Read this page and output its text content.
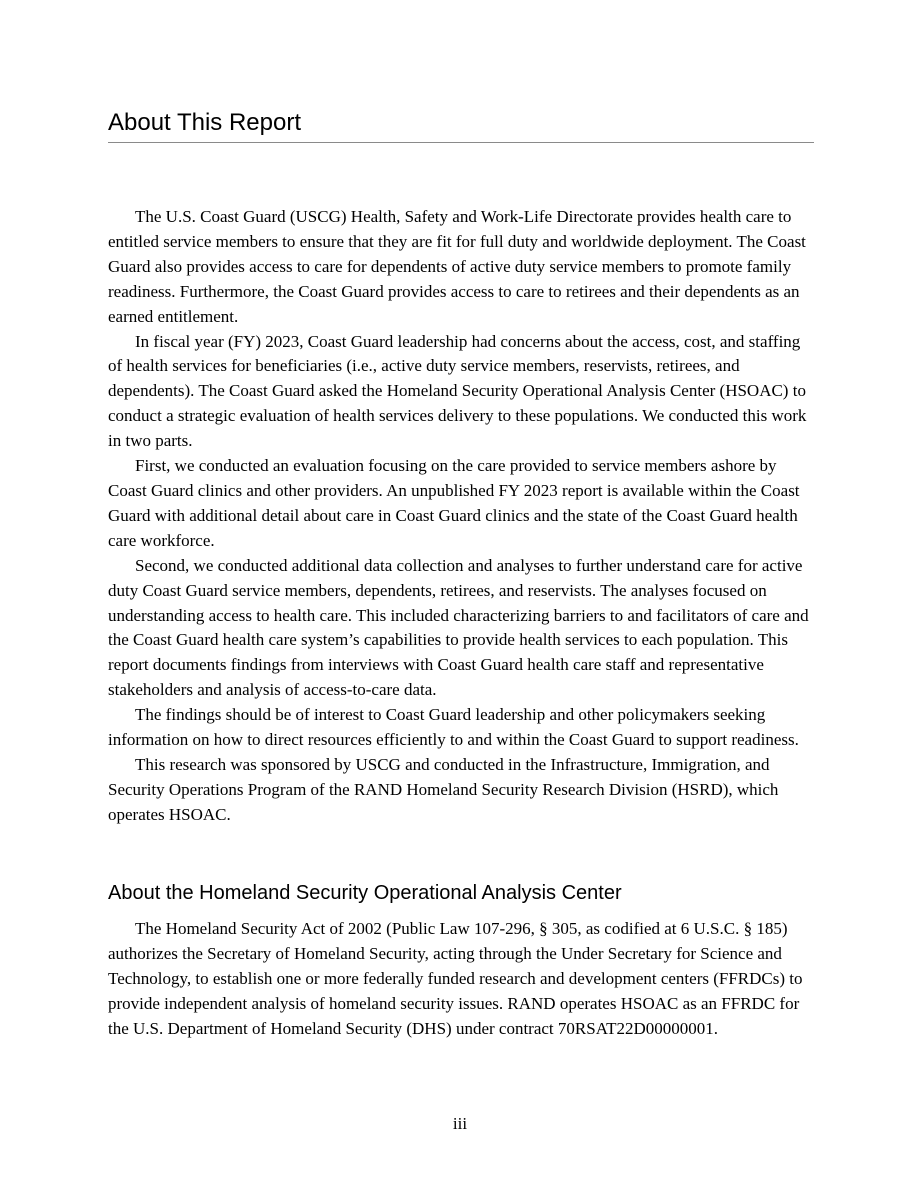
About This Report

The U.S. Coast Guard (USCG) Health, Safety and Work-Life Directorate provides health care to entitled service members to ensure that they are fit for full duty and worldwide deployment. The Coast Guard also provides access to care for dependents of active duty service members to promote family readiness. Furthermore, the Coast Guard provides access to care to retirees and their dependents as an earned entitlement.

In fiscal year (FY) 2023, Coast Guard leadership had concerns about the access, cost, and staffing of health services for beneficiaries (i.e., active duty service members, reservists, retirees, and dependents). The Coast Guard asked the Homeland Security Operational Analysis Center (HSOAC) to conduct a strategic evaluation of health services delivery to these populations. We conducted this work in two parts.

First, we conducted an evaluation focusing on the care provided to service members ashore by Coast Guard clinics and other providers. An unpublished FY 2023 report is available within the Coast Guard with additional detail about care in Coast Guard clinics and the state of the Coast Guard health care workforce.

Second, we conducted additional data collection and analyses to further understand care for active duty Coast Guard service members, dependents, retirees, and reservists. The analyses focused on understanding access to health care. This included characterizing barriers to and facilitators of care and the Coast Guard health care system’s capabilities to provide health services to each population. This report documents findings from interviews with Coast Guard health care staff and representative stakeholders and analysis of access-to-care data.

The findings should be of interest to Coast Guard leadership and other policymakers seeking information on how to direct resources efficiently to and within the Coast Guard to support readiness.

This research was sponsored by USCG and conducted in the Infrastructure, Immigration, and Security Operations Program of the RAND Homeland Security Research Division (HSRD), which operates HSOAC.

About the Homeland Security Operational Analysis Center

The Homeland Security Act of 2002 (Public Law 107-296, § 305, as codified at 6 U.S.C. § 185) authorizes the Secretary of Homeland Security, acting through the Under Secretary for Science and Technology, to establish one or more federally funded research and development centers (FFRDCs) to provide independent analysis of homeland security issues. RAND operates HSOAC as an FFRDC for the U.S. Department of Homeland Security (DHS) under contract 70RSAT22D00000001.

iii
